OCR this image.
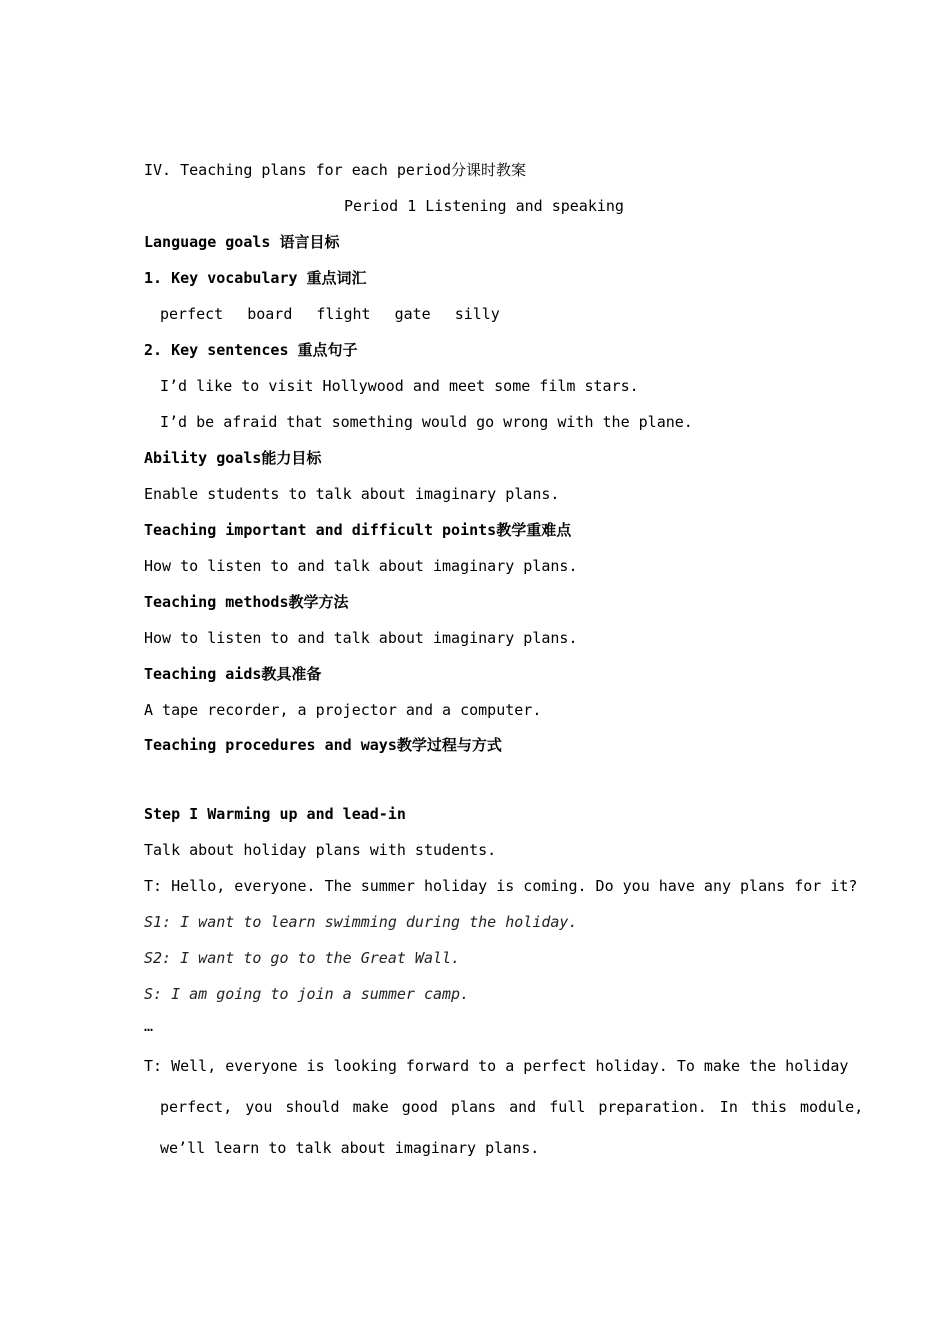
IV. Teaching plans for each period分课时教案
Period 1 Listening and speaking
Language goals 语言目标
1. Key vocabulary 重点词汇
perfect board flight gate silly
2. Key sentences 重点句子
I’d like to visit Hollywood and meet some film stars.
I’d be afraid that something would go wrong with the plane.
Ability goals能力目标
Enable students to talk about imaginary plans.
Teaching important and difficult points教学重难点
How to listen to and talk about imaginary plans.
Teaching methods教学方法
How to listen to and talk about imaginary plans.
Teaching aids教具准备
A tape recorder, a projector and a computer.
Teaching procedures and ways教学过程与方式
Step I Warming up and lead-in
Talk about holiday plans with students.
T: Hello, everyone. The summer holiday is coming. Do you have any plans for it?
S1: I want to learn swimming during the holiday.
S2: I want to go to the Great Wall.
S: I am going to join a summer camp.
…
T: Well, everyone is looking forward to a perfect holiday. To make the holiday
perfect, you should make good plans and full preparation. In this module,
we’ll learn to talk about imaginary plans.
